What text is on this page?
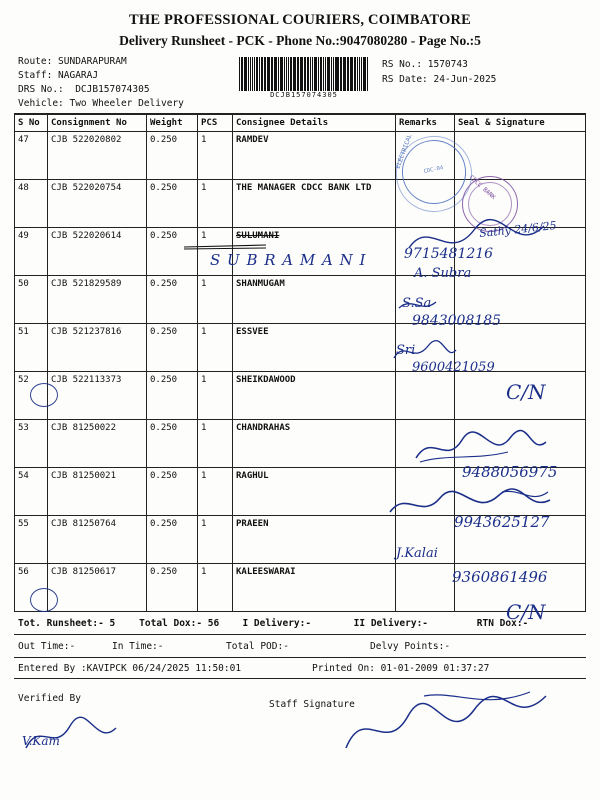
THE PROFESSIONAL COURIERS, COIMBATORE
Delivery Runsheet - PCK - Phone No.:9047080280 - Page No.:5
Route: SUNDARAPURAM
Staff: NAGARAJ
DRS No.:  DCJB157074305
Vehicle: Two Wheeler Delivery
DCJB157074305
RS No.: 1570743
RS Date: 24-Jun-2025
S No	Consignment No	Weight	PCS	Consignee Details	Remarks	Seal & Signature
47	CJB 522020802	0.250	1	RAMDEV		
48	CJB 522020754	0.250	1	THE MANAGER CDCC BANK LTD		
49	CJB 522020614	0.250	1	SULUMANI		
50	CJB 521829589	0.250	1	SHANMUGAM		
51	CJB 521237816	0.250	1	ESSVEE		
52	CJB 522113373	0.250	1	SHEIKDAWOOD		
53	CJB 81250022	0.250	1	CHANDRAHAS		
54	CJB 81250021	0.250	1	RAGHUL		
55	CJB 81250764	0.250	1	PRAEEN		
56	CJB 81250617	0.250	1	KALEESWARAI		
Tot. Runsheet:- 5	Total Dox:- 56	I Delivery:-	II Delivery:-	RTN Dox:-
Out Time:-	In Time:-	Total POD:-	Delvy Points:-
Entered By :KAVIPCK 06/24/2025 11:50:01	Printed On: 01-01-2009 01:37:27
Verified By
Staff Signature
CDC-04
ELECTRICAL
CDCC BANK
Sathy 24/6/25
S U B R A M A N I	9715481216
A. Subra
S.Sa
9843008185
Sri
9600421059
C/N
9488056975
9943625127
J.Kalai
9360861496
C/N
V.Kam
